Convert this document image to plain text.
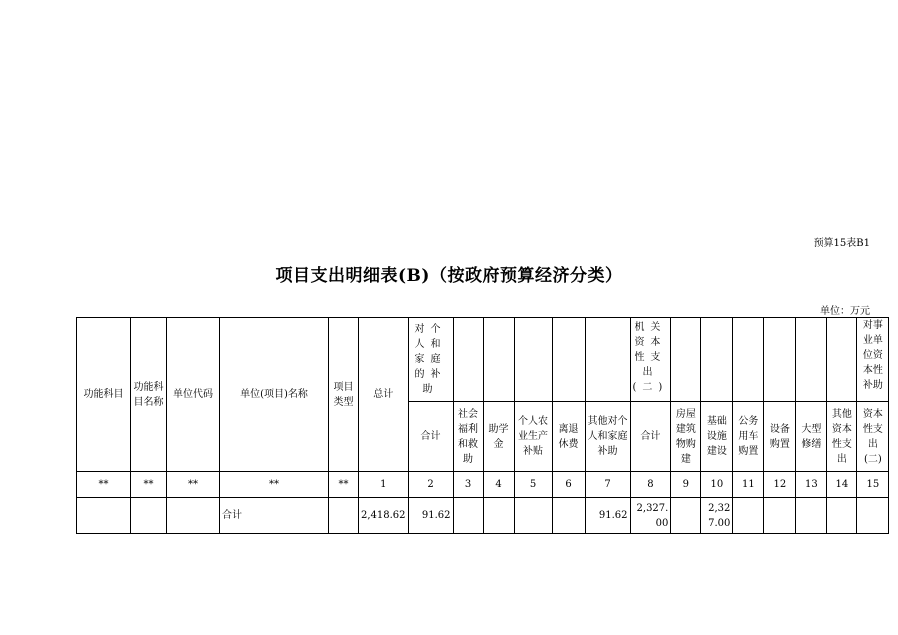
预算15表B1
项目支出明细表(B)（按政府预算经济分类）
单位：万元
功能科目	功能科目名称	单位代码	单位(项目)名称	项目类型	总计	对个人和家庭的补助						机关资本性支出(二)							对事业单位资本性补助
						合计	社会福利和救助	助学金	个人农业生产补贴	离退休费	其他对个人和家庭补助	合计	房屋建筑物购建	基础设施建设	公务用车购置	设备购置	大型修缮	其他资本性支出	资本性支出(二)
**	**	**	**	**	1	2	3	4	5	6	7	8	9	10	11	12	13	14	15
			合计		2,418.62	91.62					91.62	2,327.00		2,327.00					
